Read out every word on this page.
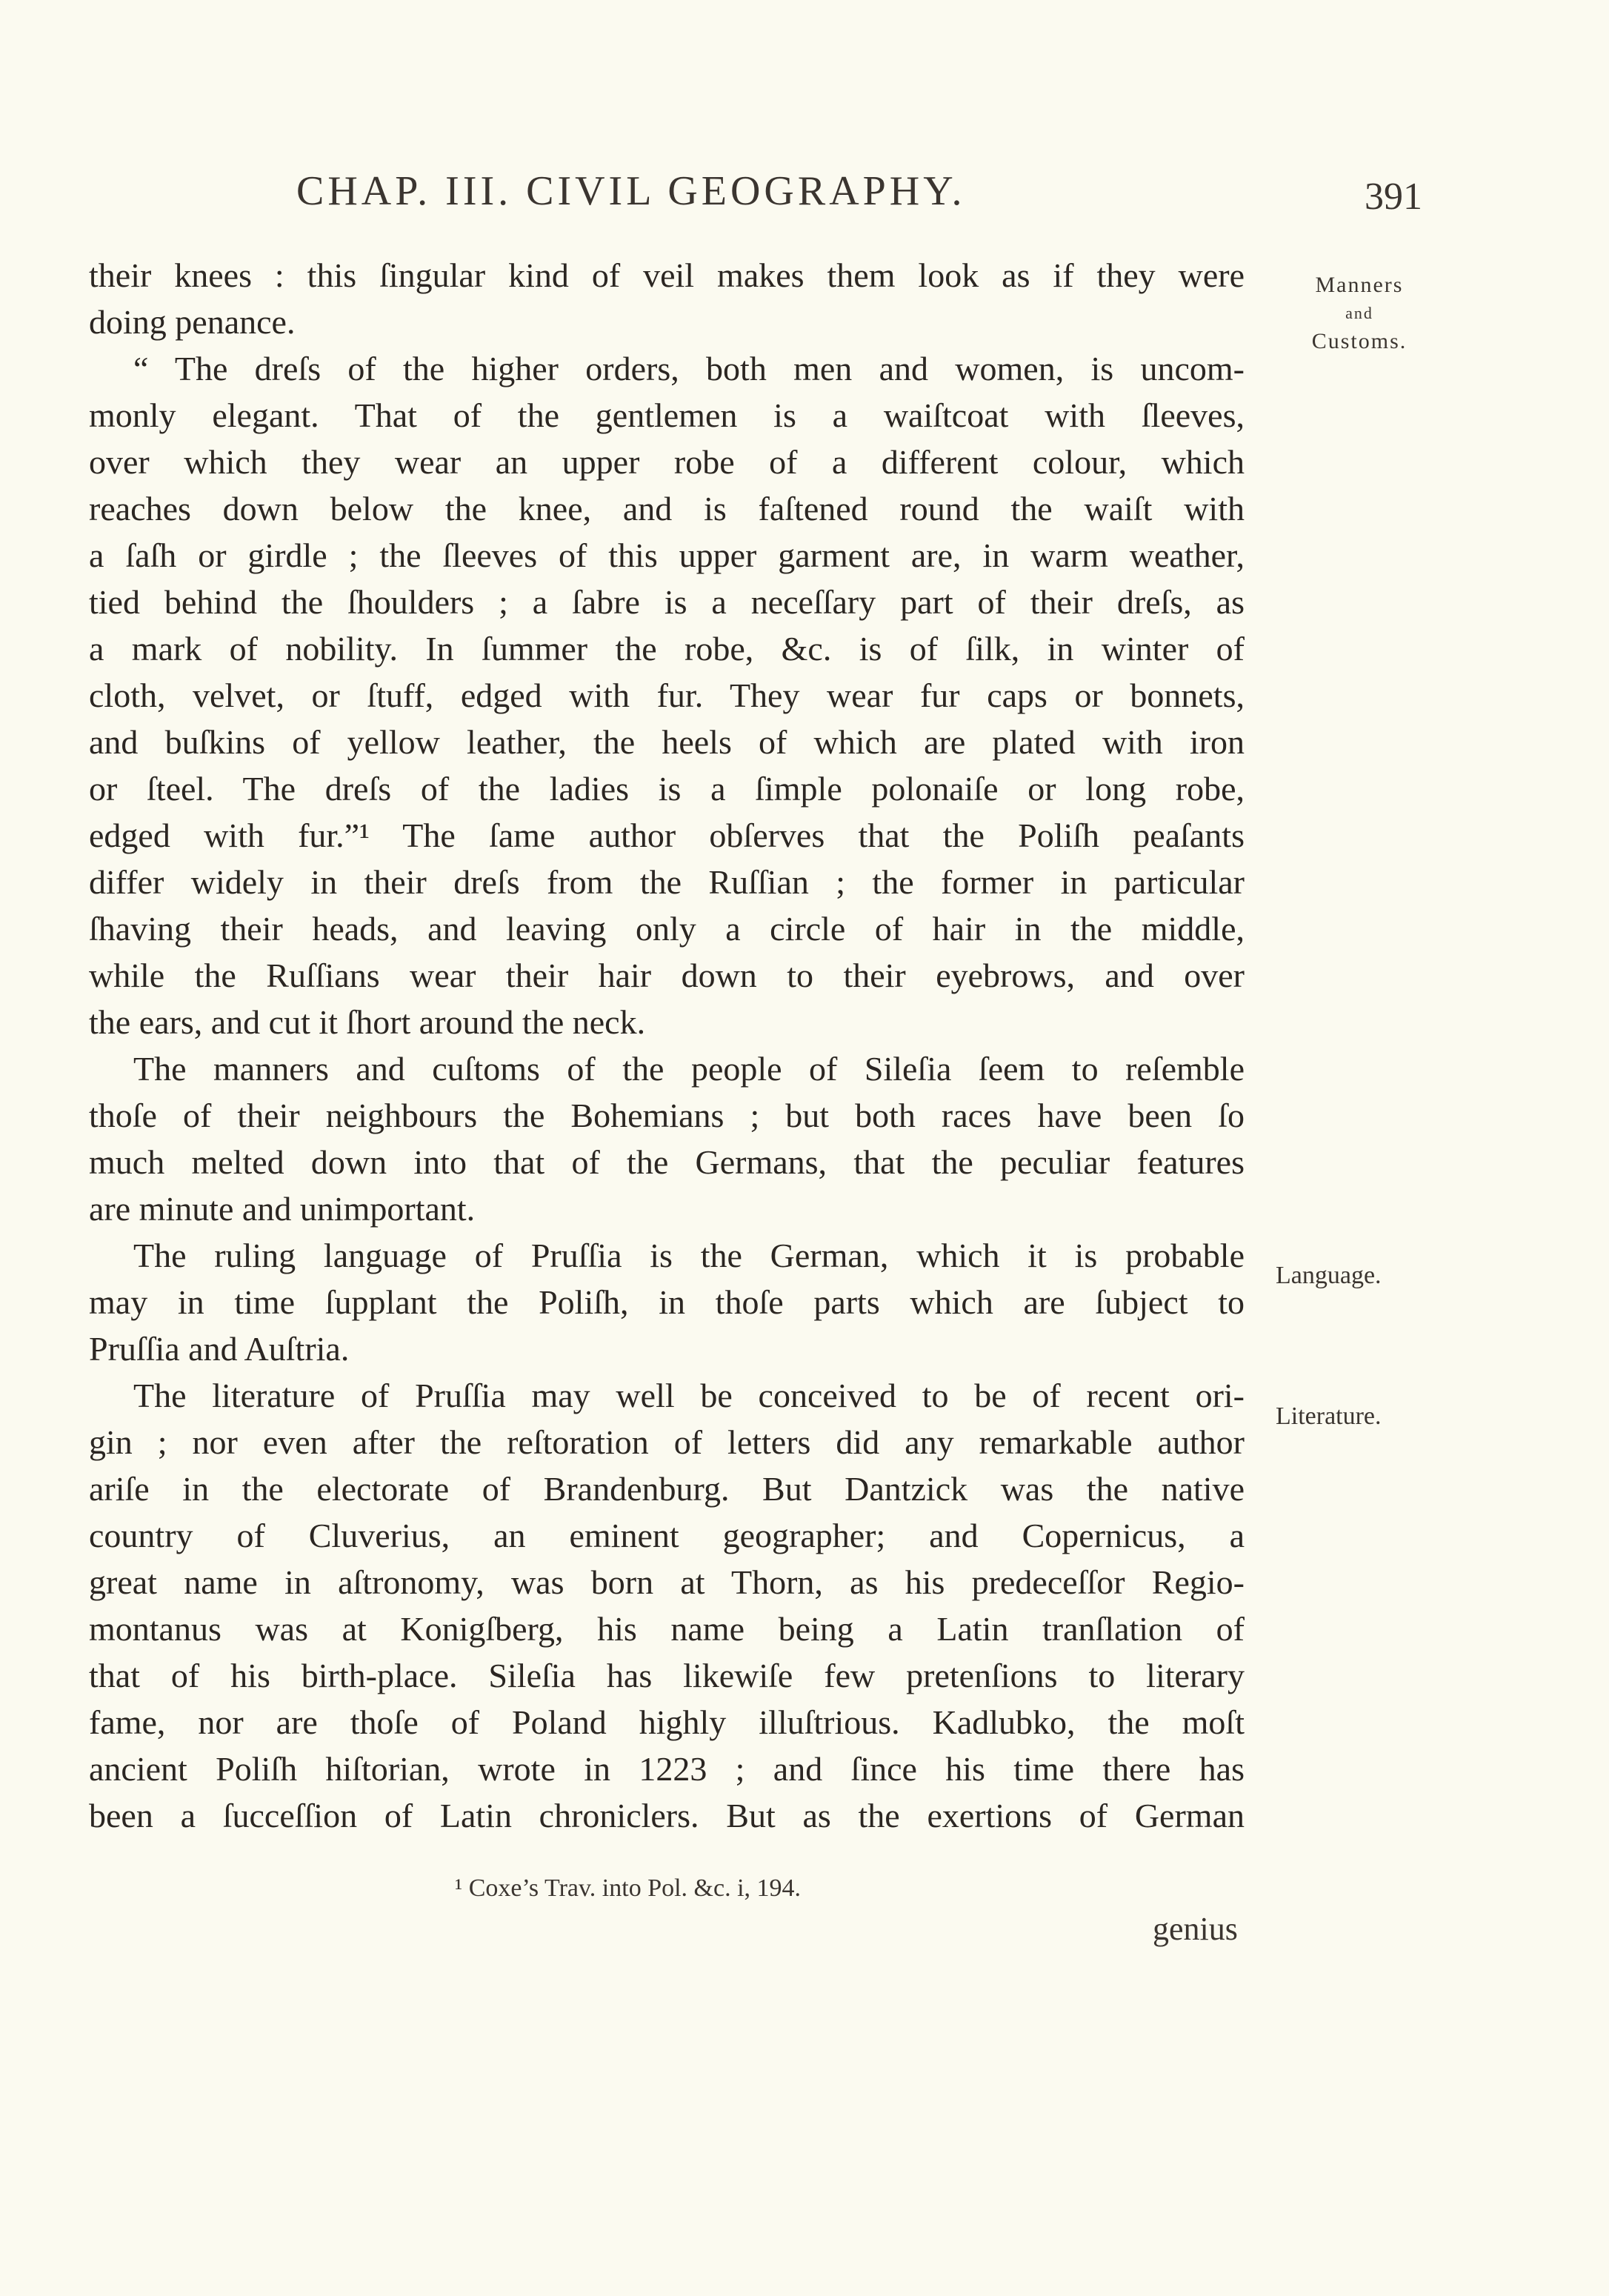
CHAP. III. CIVIL GEOGRAPHY.	391
Manners
and
Customs.
Language.
Literature.
their knees : this ſingular kind of veil makes them look as if they were
doing penance.
“ The dreſs of the higher orders, both men and women, is uncom-
monly elegant. That of the gentlemen is a waiſtcoat with ſleeves,
over which they wear an upper robe of a different colour, which
reaches down below the knee, and is faſtened round the waiſt with
a ſaſh or girdle ; the ſleeves of this upper garment are, in warm weather,
tied behind the ſhoulders ; a ſabre is a neceſſary part of their dreſs, as
a mark of nobility. In ſummer the robe, &c. is of ſilk, in winter of
cloth, velvet, or ſtuff, edged with fur. They wear fur caps or bonnets,
and buſkins of yellow leather, the heels of which are plated with iron
or ſteel. The dreſs of the ladies is a ſimple polonaiſe or long robe,
edged with fur.”¹ The ſame author obſerves that the Poliſh peaſants
differ widely in their dreſs from the Ruſſian ; the former in particular
ſhaving their heads, and leaving only a circle of hair in the middle,
while the Ruſſians wear their hair down to their eyebrows, and over
the ears, and cut it ſhort around the neck.
The manners and cuſtoms of the people of Sileſia ſeem to reſemble
thoſe of their neighbours the Bohemians ; but both races have been ſo
much melted down into that of the Germans, that the peculiar features
are minute and unimportant.
The ruling language of Pruſſia is the German, which it is probable
may in time ſupplant the Poliſh, in thoſe parts which are ſubject to
Pruſſia and Auſtria.
The literature of Pruſſia may well be conceived to be of recent ori-
gin ; nor even after the reſtoration of letters did any remarkable author
ariſe in the electorate of Brandenburg. But Dantzick was the native
country of Cluverius, an eminent geographer; and Copernicus, a
great name in aſtronomy, was born at Thorn, as his predeceſſor Regio-
montanus was at Konigſberg, his name being a Latin tranſlation of
that of his birth-place. Sileſia has likewiſe few pretenſions to literary
fame, nor are thoſe of Poland highly illuſtrious. Kadlubko, the moſt
ancient Poliſh hiſtorian, wrote in 1223 ; and ſince his time there has
been a ſucceſſion of Latin chroniclers. But as the exertions of German
¹ Coxe’s Trav. into Pol. &c. i, 194.
genius
